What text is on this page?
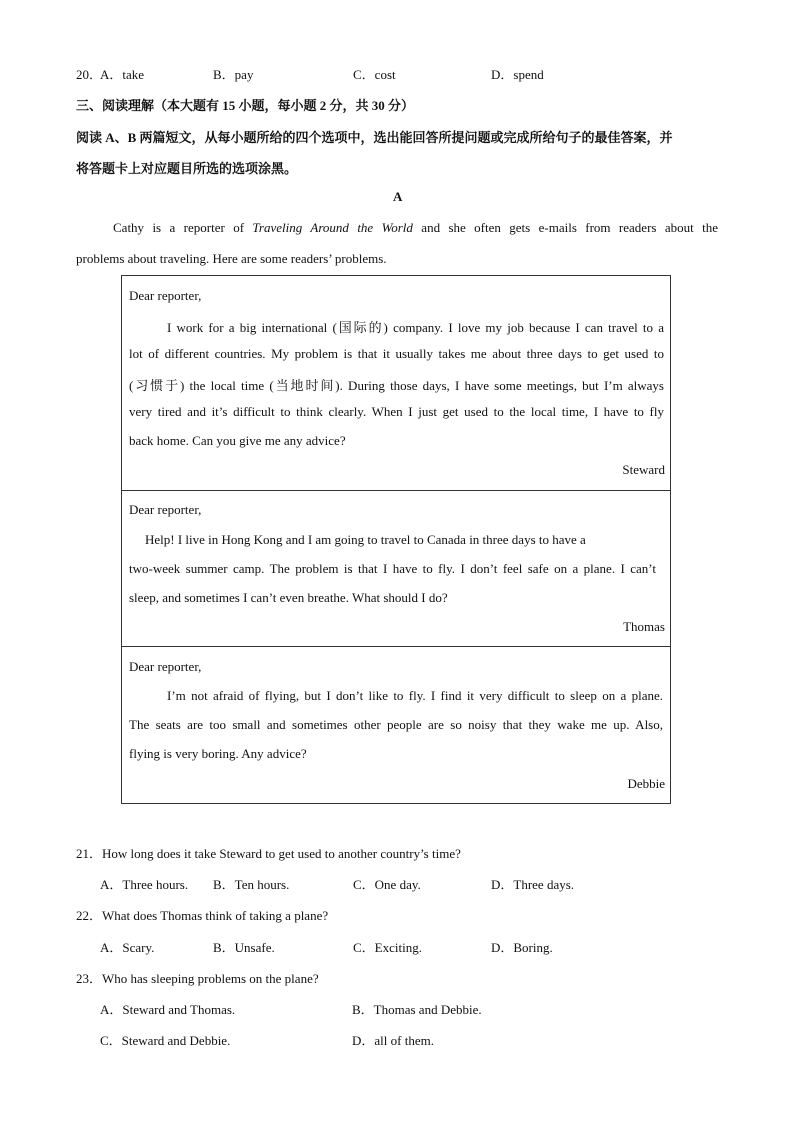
20．
A．take	B．pay	C．cost	D．spend
三、阅读理解（本大题有 15 小题，每小题 2 分，共 30 分）
阅读 A、B 两篇短文，从每小题所给的四个选项中，选出能回答所提问题或完成所给句子的最佳答案，并
将答题卡上对应题目所选的选项涂黑。
A
Cathy is a reporter of Traveling Around the World and she often gets e-mails from readers about the
problems about traveling. Here are some readers’ problems.
Dear reporter,
I work for a big international (国际的) company. I love my job because I can travel to a
lot of different countries. My problem is that it usually takes me about three days to get used to
(习惯于) the local time (当地时间). During those days, I have some meetings, but I’m always
very tired and it’s difficult to think clearly. When I just get used to the local time, I have to fly
back home. Can you give me any advice?
Steward
Dear reporter,
Help! I live in Hong Kong and I am going to travel to Canada in three days to have a
two-week summer camp. The problem is that I have to fly. I don’t feel safe on a plane. I can’t
sleep, and sometimes I can’t even breathe. What should I do?
Thomas
Dear reporter,
I’m not afraid of flying, but I don’t like to fly. I find it very difficult to sleep on a plane.
The seats are too small and sometimes other people are so noisy that they wake me up. Also,
flying is very boring. Any advice?
Debbie
21．How long does it take Steward to get used to another country’s time?
A．Three hours. B．Ten hours.	C．One day.	D．Three days.
22．What does Thomas think of taking a plane?
A．Scary.	B．Unsafe.	C．Exciting.	D．Boring.
23．Who has sleeping problems on the plane?
A．Steward and Thomas.	B．Thomas and Debbie.
C．Steward and Debbie.	D．all of them.
